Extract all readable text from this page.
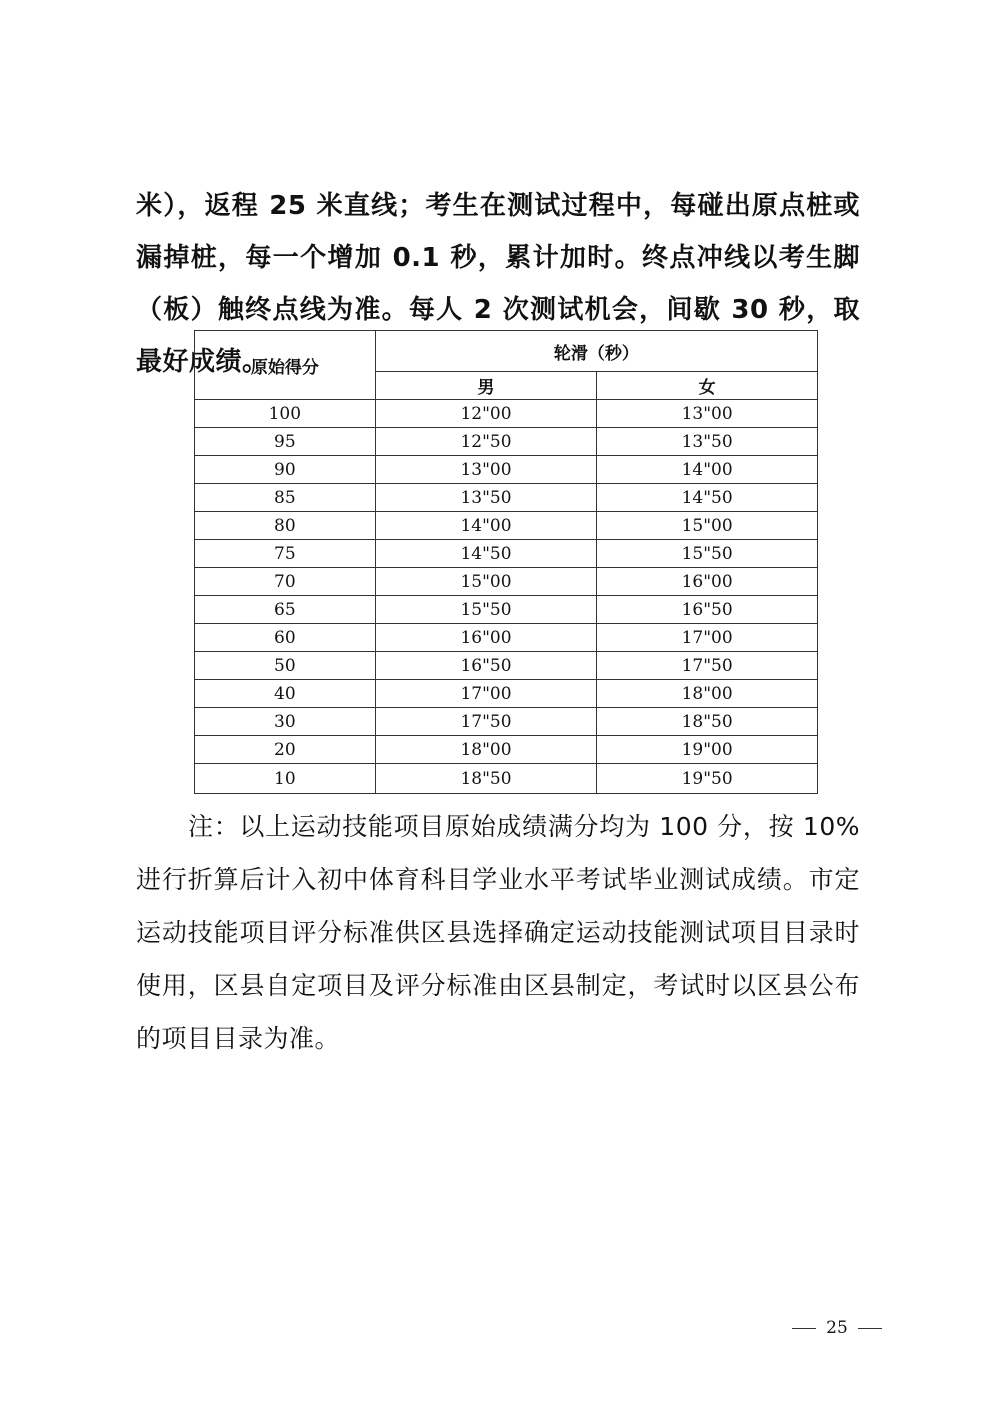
米），返程 25 米直线；考生在测试过程中，每碰出原点桩或漏掉桩，每一个增加 0.1 秒，累计加时。终点冲线以考生脚（板）触终点线为准。每人 2 次测试机会，间歇 30 秒，取最好成绩。

原始得分	轮滑（秒）	
	男	女
100	12"00	13"00
95	12"50	13"50
90	13"00	14"00
85	13"50	14"50
80	14"00	15"00
75	14"50	15"50
70	15"00	16"00
65	15"50	16"50
60	16"00	17"00
50	16"50	17"50
40	17"00	18"00
30	17"50	18"50
20	18"00	19"00
10	18"50	19"50

注：以上运动技能项目原始成绩满分均为 100 分，按 10%进行折算后计入初中体育科目学业水平考试毕业测试成绩。市定运动技能项目评分标准供区县选择确定运动技能测试项目目录时使用，区县自定项目及评分标准由区县制定，考试时以区县公布的项目目录为准。

25
